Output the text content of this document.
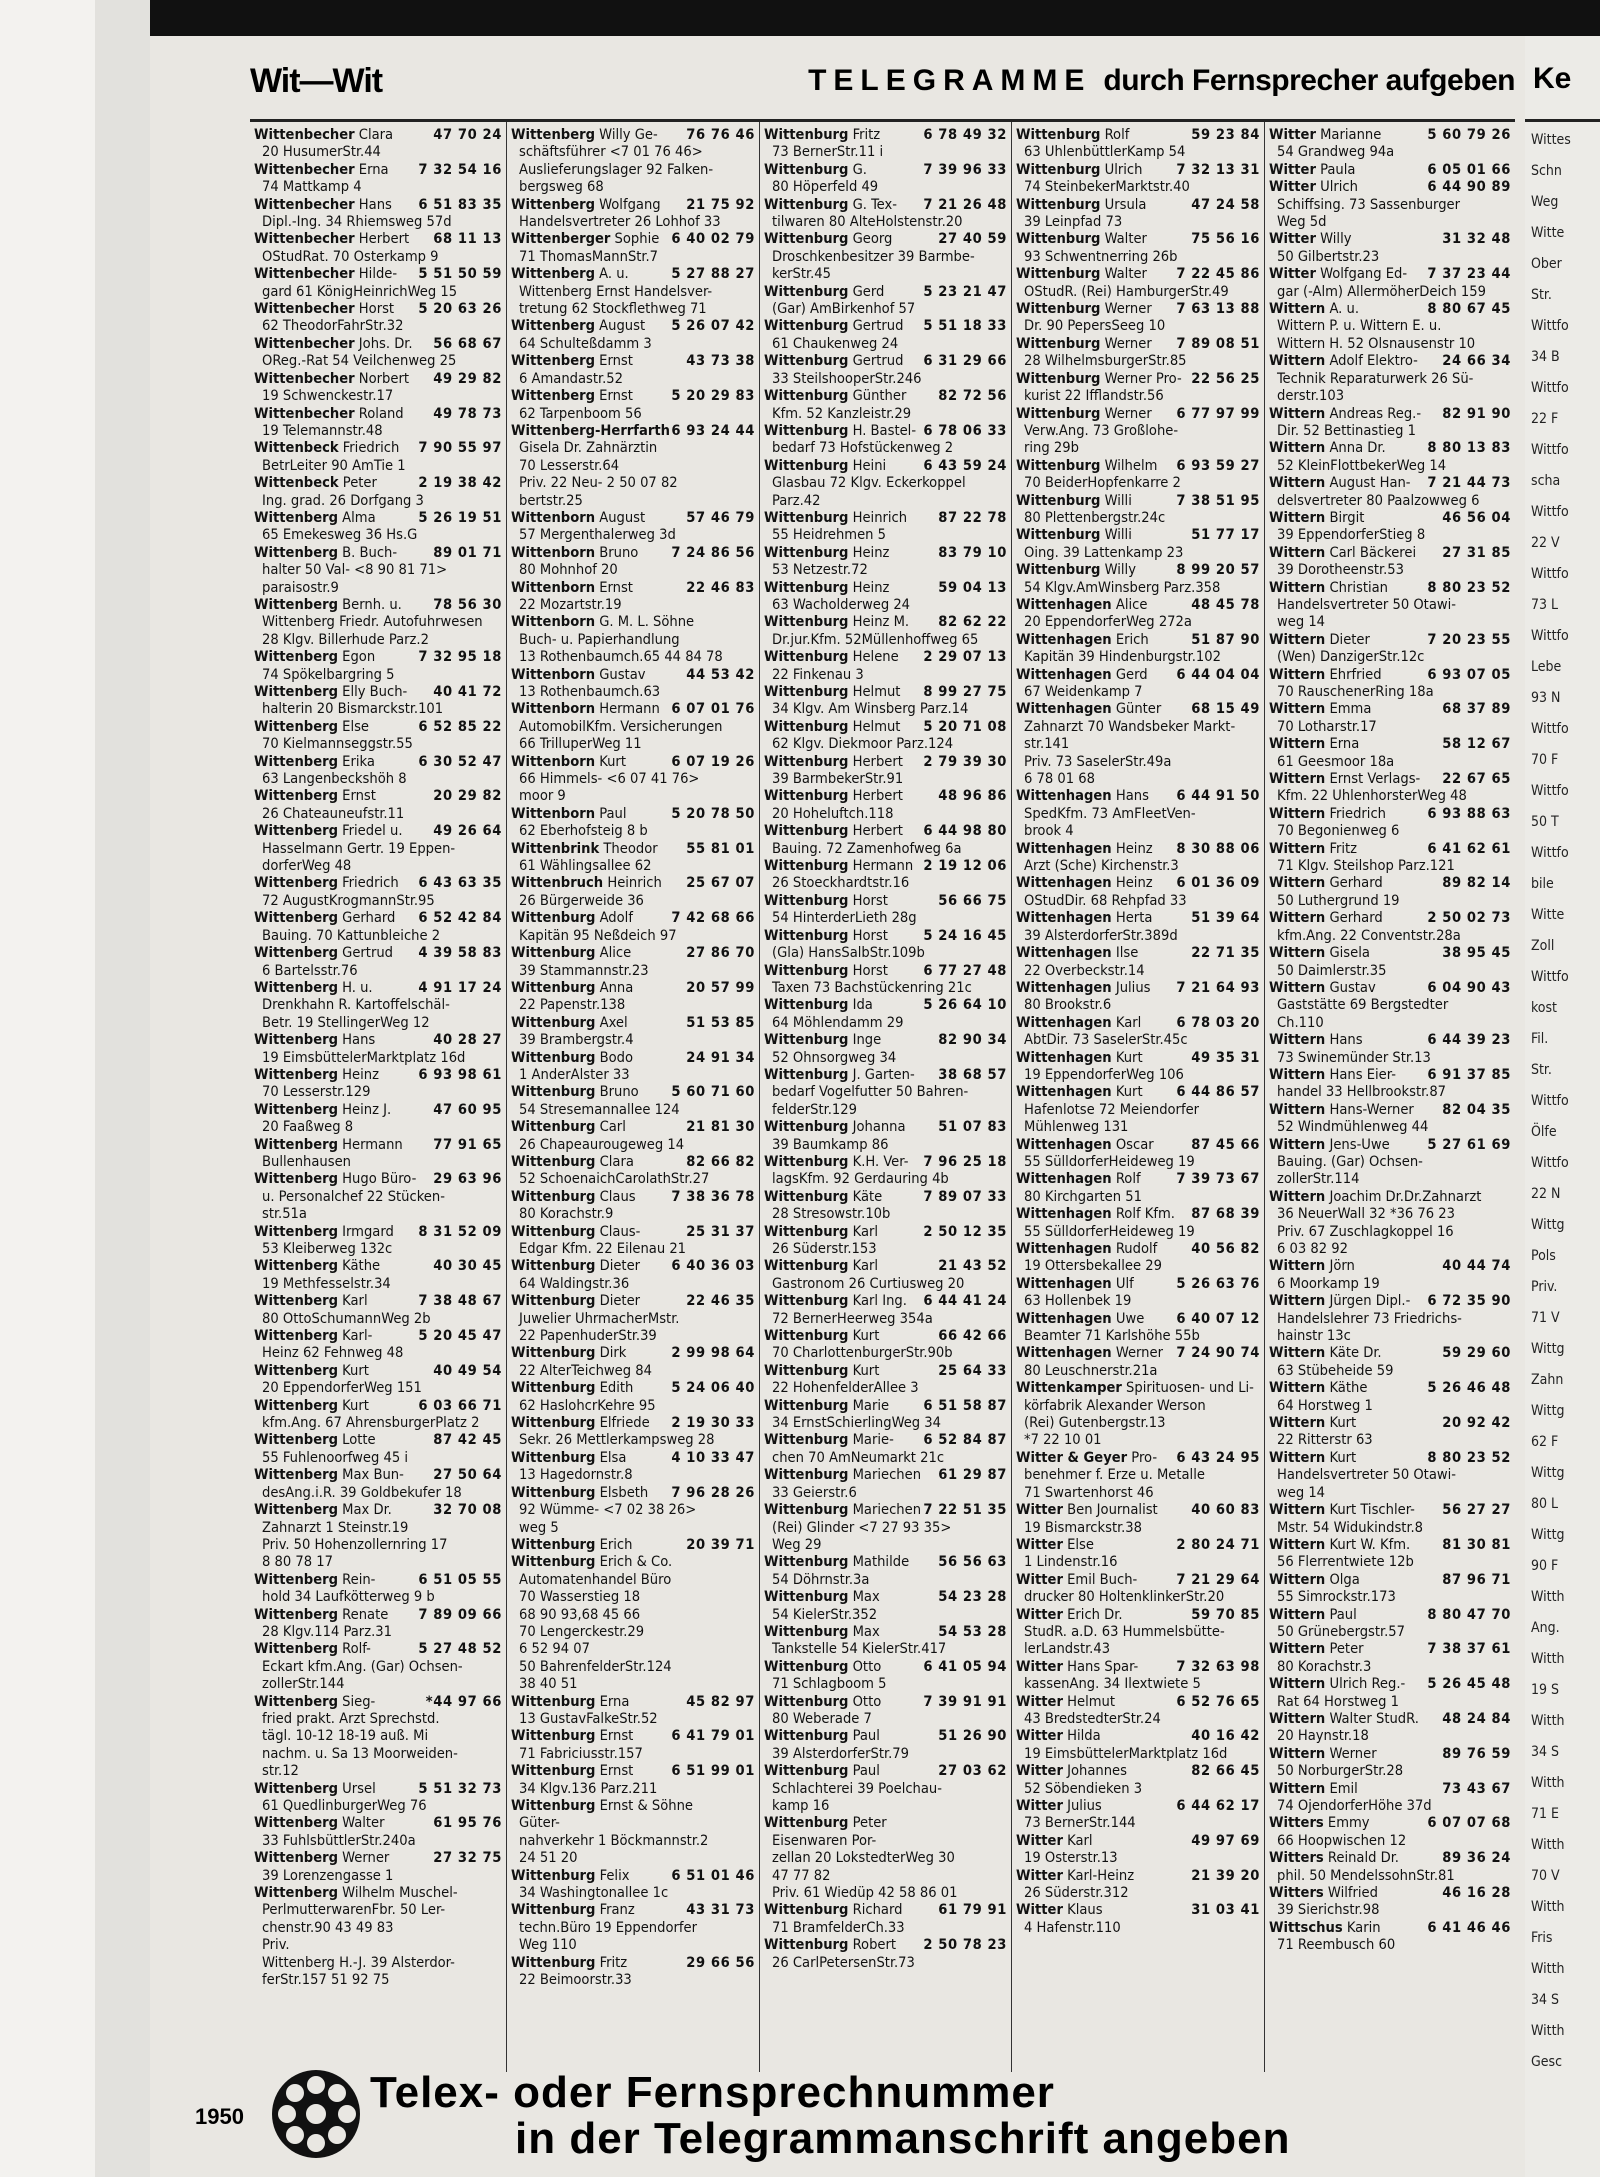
Wit—Wit	TELEGRAMME durch Fernsprecher aufgeben
Wittenbecher Clara	47 70 24
20 HusumerStr.44
Wittenbecher Erna 7 32 54 16
74 Mattkamp 4
Wittenbecher Hans 6 51 83 35
Dipl.-Ing. 34 Rhiemsweg 57d
Wittenbecher Herbert 68 11 13
OStudRat. 70 Osterkamp 9
Wittenbecher Hilde- 5 51 50 59
gard 61 KönigHeinrichWeg 15
Wittenbecher Horst 5 20 63 26
62 TheodorFahrStr.32
Wittenbecher Johs. Dr. 56 68 67
OReg.-Rat 54 Veilchenweg 25
Wittenbecher Norbert 49 29 82
19 Schwenckestr.17
Wittenbecher Roland 49 78 73
19 Telemannstr.48
Wittenbeck Friedrich 7 90 55 97
BetrLeiter 90 AmTie 1
Wittenbeck Peter	2 19 38 42
Ing. grad. 26 Dorfgang 3
Wittenberg Alma	5 26 19 51
65 Emekesweg 36 Hs.G
Wittenberg B. Buch- 89 01 71
halter 50 Val- <8 90 81 71>
paraisostr.9
Wittenberg Bernh. u. 78 56 30
Wittenberg Friedr. Autofuhrwesen
28 Klgv. Billerhude Parz.2
Wittenberg Egon	7 32 95 18
74 Spökelbargring 5
Wittenberg Elly Buch- 40 41 72
halterin 20 Bismarckstr.101
Wittenberg Else	6 52 85 22
70 Kielmannseggstr.55
Wittenberg Erika	6 30 52 47
63 Langenbeckshöh 8
Wittenberg Ernst	20 29 82
26 Chateauneufstr.11
Wittenberg Friedel u. 49 26 64
Hasselmann Gertr. 19 Eppen-
dorferWeg 48
Wittenberg Friedrich 6 43 63 35
72 AugustKrogmannStr.95
Wittenberg Gerhard 6 52 42 84
Bauing. 70 Kattunbleiche 2
Wittenberg Gertrud 4 39 58 83
6 Bartelsstr.76
Wittenberg H. u.	4 91 17 24
Drenkhahn R. Kartoffelschäl-
Betr. 19 StellingerWeg 12
Wittenberg Hans	40 28 27
19 EimsbüttelerMarktplatz 16d
Wittenberg Heinz	6 93 98 61
70 Lesserstr.129
Wittenberg Heinz J.	47 60 95
20 Faaßweg 8
Wittenberg Hermann 77 91 65
Bullenhausen
Wittenberg Hugo Büro- 29 63 96
u. Personalchef 22 Stücken-
str.51a
Wittenberg Irmgard 8 31 52 09
53 Kleiberweg 132c
Wittenberg Käthe	40 30 45
19 Methfesselstr.34
Wittenberg Karl	7 38 48 67
80 OttoSchumannWeg 2b
Wittenberg Karl-	5 20 45 47
Heinz 62 Fehnweg 48
Wittenberg Kurt	40 49 54
20 EppendorferWeg 151
Wittenberg Kurt	6 03 66 71
kfm.Ang. 67 AhrensburgerPlatz 2
Wittenberg Lotte	87 42 45
55 Fuhlenoorfweg 45 i
Wittenberg Max Bun- 27 50 64
desAng.i.R. 39 Goldbekufer 18
Wittenberg Max Dr.	32 70 08
Zahnarzt 1 Steinstr.19
Priv. 50 Hohenzollernring 17
8 80 78 17
Wittenberg Rein-	6 51 05 55
hold 34 Laufkötterweg 9 b
Wittenberg Renate 7 89 09 66
28 Klgv.114 Parz.31
Wittenberg Rolf-	5 27 48 52
Eckart kfm.Ang. (Gar) Ochsen-
zollerStr.144
Wittenberg Sieg-	*44 97 66
fried prakt. Arzt Sprechstd.
tägl. 10-12 18-19 auß. Mi
nachm. u. Sa 13 Moorweiden-
str.12
Wittenberg Ursel	5 51 32 73
61 QuedlinburgerWeg 76
Wittenberg Walter	61 95 76
33 FuhlsbüttlerStr.240a
Wittenberg Werner	27 32 75
39 Lorenzengasse 1
Wittenberg Wilhelm Muschel-
PerlmutterwarenFbr. 50 Ler-
chenstr.90 43 49 83
Priv.
Wittenberg H.-J. 39 Alsterdor-
ferStr.157 51 92 75
Wittenberg Willy Ge- 76 76 46
schäftsführer <7 01 76 46>
Auslieferungslager 92 Falken-
bergsweg 68
Wittenberg Wolfgang 21 75 92
Handelsvertreter 26 Lohhof 33
Wittenberger Sophie 6 40 02 79
71 ThomasMannStr.7
Wittenberg A. u.	5 27 88 27
Wittenberg Ernst Handelsver-
tretung 62 Stockflethweg 71
Wittenberg August 5 26 07 42
64 Schulteßdamm 3
Wittenberg Ernst	43 73 38
6 Amandastr.52
Wittenberg Ernst	5 20 29 83
62 Tarpenboom 56
Wittenberg-Herrfarth 6 93 24 44
Gisela Dr. Zahnärztin
70 Lesserstr.64
Priv. 22 Neu- 2 50 07 82
bertstr.25
Wittenborn August	57 46 79
57 Mergenthalerweg 3d
Wittenborn Bruno 7 24 86 56
80 Mohnhof 20
Wittenborn Ernst	22 46 83
22 Mozartstr.19
Wittenborn G. M. L. Söhne
Buch- u. Papierhandlung
13 Rothenbaumch.65 44 84 78
Wittenborn Gustav	44 53 42
13 Rothenbaumch.63
Wittenborn Hermann 6 07 01 76
AutomobilKfm. Versicherungen
66 TrilluperWeg 11
Wittenborn Kurt	6 07 19 26
66 Himmels- <6 07 41 76>
moor 9
Wittenborn Paul	5 20 78 50
62 Eberhofsteig 8 b
Wittenbrink Theodor 55 81 01
61 Wählingsallee 62
Wittenbruch Heinrich 25 67 07
26 Bürgerweide 36
Wittenburg Adolf	7 42 68 66
Kapitän 95 Neßdeich 97
Wittenburg Alice	27 86 70
39 Stammannstr.23
Wittenburg Anna	20 57 99
22 Papenstr.138
Wittenburg Axel	51 53 85
39 Brambergstr.4
Wittenburg Bodo	24 91 34
1 AnderAlster 33
Wittenburg Bruno 5 60 71 60
54 Stresemannallee 124
Wittenburg Carl	21 81 30
26 Chapeaurougeweg 14
Wittenburg Clara	82 66 82
52 SchoenaichCarolathStr.27
Wittenburg Claus 7 38 36 78
80 Korachstr.9
Wittenburg Claus-	25 31 37
Edgar Kfm. 22 Eilenau 21
Wittenburg Dieter 6 40 36 03
64 Waldingstr.36
Wittenburg Dieter	22 46 35
Juwelier UhrmacherMstr.
22 PapenhuderStr.39
Wittenburg Dirk	2 99 98 64
22 AlterTeichweg 84
Wittenburg Edith	5 24 06 40
62 HaslohcrKehre 95
Wittenburg Elfriede 2 19 30 33
Sekr. 26 Mettlerkampsweg 28
Wittenburg Elsa	4 10 33 47
13 Hagedornstr.8
Wittenburg Elsbeth 7 96 28 26
92 Wümme- <7 02 38 26>
weg 5
Wittenburg Erich	20 39 71
Wittenburg Erich & Co.
Automatenhandel Büro
70 Wasserstieg 18
68 90 93,68 45 66
70 Lengerckestr.29
6 52 94 07
50 BahrenfelderStr.124
38 40 51
Wittenburg Erna	45 82 97
13 GustavFalkeStr.52
Wittenburg Ernst	6 41 79 01
71 Fabriciusstr.157
Wittenburg Ernst	6 51 99 01
34 Klgv.136 Parz.211
Wittenburg Ernst & Söhne
Güter-
nahverkehr 1 Böckmannstr.2
24 51 20
Wittenburg Felix	6 51 01 46
34 Washingtonallee 1c
Wittenburg Franz	43 31 73
techn.Büro 19 Eppendorfer
Weg 110
Wittenburg Fritz	29 66 56
22 Beimoorstr.33
Wittenburg Fritz	6 78 49 32
73 BernerStr.11 i
Wittenburg G.	7 39 96 33
80 Höperfeld 49
Wittenburg G. Tex- 7 21 26 48
tilwaren 80 AlteHolstenstr.20
Wittenburg Georg	27 40 59
Droschkenbesitzer 39 Barmbe-
kerStr.45
Wittenburg Gerd	5 23 21 47
(Gar) AmBirkenhof 57
Wittenburg Gertrud 5 51 18 33
61 Chaukenweg 24
Wittenburg Gertrud 6 31 29 66
33 SteilshooperStr.246
Wittenburg Günther 82 72 56
Kfm. 52 Kanzleistr.29
Wittenburg H. Bastel- 6 78 06 33
bedarf 73 Hofstückenweg 2
Wittenburg Heini	6 43 59 24
Glasbau 72 Klgv. Eckerkoppel
Parz.42
Wittenburg Heinrich 87 22 78
55 Heidrehmen 5
Wittenburg Heinz	83 79 10
53 Netzestr.72
Wittenburg Heinz	59 04 13
63 Wacholderweg 24
Wittenburg Heinz M. 82 62 22
Dr.jur.Kfm. 52Müllenhoffweg 65
Wittenburg Helene 2 29 07 13
22 Finkenau 3
Wittenburg Helmut 8 99 27 75
34 Klgv. Am Winsberg Parz.14
Wittenburg Helmut 5 20 71 08
62 Klgv. Diekmoor Parz.124
Wittenburg Herbert 2 79 39 30
39 BarmbekerStr.91
Wittenburg Herbert 48 96 86
20 Hoheluftch.118
Wittenburg Herbert 6 44 98 80
Bauing. 72 Zamenhofweg 6a
Wittenburg Hermann 2 19 12 06
26 Stoeckhardtstr.16
Wittenburg Horst	56 66 75
54 HinterderLieth 28g
Wittenburg Horst 5 24 16 45
(Gla) HansSalbStr.109b
Wittenburg Horst 6 77 27 48
Taxen 73 Bachstückenring 21c
Wittenburg Ida	5 26 64 10
64 Möhlendamm 29
Wittenburg Inge	82 90 34
52 Ohnsorgweg 34
Wittenburg J. Garten- 38 68 57
bedarf Vogelfutter 50 Bahren-
felderStr.129
Wittenburg Johanna 51 07 83
39 Baumkamp 86
Wittenburg K.H. Ver- 7 96 25 18
lagsKfm. 92 Gerdauring 4b
Wittenburg Käte	7 89 07 33
28 Stresowstr.10b
Wittenburg Karl	2 50 12 35
26 Süderstr.153
Wittenburg Karl	21 43 52
Gastronom 26 Curtiusweg 20
Wittenburg Karl Ing. 6 44 41 24
72 BernerHeerweg 354a
Wittenburg Kurt	66 42 66
70 CharlottenburgerStr.90b
Wittenburg Kurt	25 64 33
22 HohenfelderAllee 3
Wittenburg Marie 6 51 58 87
34 ErnstSchierlingWeg 34
Wittenburg Marie- 6 52 84 87
chen 70 AmNeumarkt 21c
Wittenburg Mariechen 61 29 87
33 Geierstr.6
Wittenburg Mariechen 7 22 51 35
(Rei) Glinder <7 27 93 35>
Weg 29
Wittenburg Mathilde 56 56 63
54 Döhrnstr.3a
Wittenburg Max	54 23 28
54 KielerStr.352
Wittenburg Max	54 53 28
Tankstelle 54 KielerStr.417
Wittenburg Otto	6 41 05 94
71 Schlagboom 5
Wittenburg Otto	7 39 91 91
80 Weberade 7
Wittenburg Paul	51 26 90
39 AlsterdorferStr.79
Wittenburg Paul	27 03 62
Schlachterei 39 Poelchau-
kamp 16
Wittenburg Peter
Eisenwaren Por-
zellan 20 LokstedterWeg 30
47 77 82
Priv. 61 Wiedüp 42 58 86 01
Wittenburg Richard 61 79 91
71 BramfelderCh.33
Wittenburg Robert 2 50 78 23
26 CarlPetersenStr.73
Wittenburg Rolf	59 23 84
63 UhlenbüttlerKamp 54
Wittenburg Ulrich 7 32 13 31
74 SteinbekerMarktstr.40
Wittenburg Ursula	47 24 58
39 Leinpfad 73
Wittenburg Walter	75 56 16
93 Schwentnerring 26b
Wittenburg Walter 7 22 45 86
OStudR. (Rei) HamburgerStr.49
Wittenburg Werner 7 63 13 88
Dr. 90 PepersSeeg 10
Wittenburg Werner 7 89 08 51
28 WilhelmsburgerStr.85
Wittenburg Werner Pro- 22 56 25
kurist 22 Ifflandstr.56
Wittenburg Werner 6 77 97 99
Verw.Ang. 73 Großlohe-
ring 29b
Wittenburg Wilhelm 6 93 59 27
70 BeiderHopfenkarre 2
Wittenburg Willi	7 38 51 95
80 Plettenbergstr.24c
Wittenburg Willi	51 77 17
Oing. 39 Lattenkamp 23
Wittenburg Willy	8 99 20 57
54 Klgv.AmWinsberg Parz.358
Wittenhagen Alice	48 45 78
20 EppendorferWeg 272a
Wittenhagen Erich	51 87 90
Kapitän 39 Hindenburgstr.102
Wittenhagen Gerd 6 44 04 04
67 Weidenkamp 7
Wittenhagen Günter 68 15 49
Zahnarzt 70 Wandsbeker Markt-
str.141
Priv. 73 SaselerStr.49a
6 78 01 68
Wittenhagen Hans 6 44 91 50
SpedKfm. 73 AmFleetVen-
brook 4
Wittenhagen Heinz 8 30 88 06
Arzt (Sche) Kirchenstr.3
Wittenhagen Heinz 6 01 36 09
OStudDir. 68 Rehpfad 33
Wittenhagen Herta	51 39 64
39 AlsterdorferStr.389d
Wittenhagen Ilse	22 71 35
22 Overbeckstr.14
Wittenhagen Julius 7 21 64 93
80 Brookstr.6
Wittenhagen Karl 6 78 03 20
AbtDir. 73 SaselerStr.45c
Wittenhagen Kurt	49 35 31
19 EppendorferWeg 106
Wittenhagen Kurt 6 44 86 57
Hafenlotse 72 Meiendorfer
Mühlenweg 131
Wittenhagen Oscar	87 45 66
55 SülldorferHeideweg 19
Wittenhagen Rolf 7 39 73 67
80 Kirchgarten 51
Wittenhagen Rolf Kfm. 87 68 39
55 SülldorferHeideweg 19
Wittenhagen Rudolf 40 56 82
19 Ottersbekallee 29
Wittenhagen Ulf	5 26 63 76
63 Hollenbek 19
Wittenhagen Uwe 6 40 07 12
Beamter 71 Karlshöhe 55b
Wittenhagen Werner 7 24 90 74
80 Leuschnerstr.21a
Wittenkamper Spirituosen- und Li-
körfabrik Alexander Werson
(Rei) Gutenbergstr.13
*7 22 10 01
Witter & Geyer Pro- 6 43 24 95
benehmer f. Erze u. Metalle
71 Swartenhorst 46
Witter Ben Journalist 40 60 83
19 Bismarckstr.38
Witter Else	2 80 24 71
1 Lindenstr.16
Witter Emil Buch-	7 21 29 64
drucker 80 HoltenklinkerStr.20
Witter Erich Dr.	59 70 85
StudR. a.D. 63 Hummelsbütte-
lerLandstr.43
Witter Hans Spar-	7 32 63 98
kassenAng. 34 Ilextwiete 5
Witter Helmut	6 52 76 65
43 BredstedterStr.24
Witter Hilda	40 16 42
19 EimsbüttelerMarktplatz 16d
Witter Johannes	82 66 45
52 Söbendieken 3
Witter Julius	6 44 62 17
73 BernerStr.144
Witter Karl	49 97 69
19 Osterstr.13
Witter Karl-Heinz	21 39 20
26 Süderstr.312
Witter Klaus	31 03 41
4 Hafenstr.110
Witter Marianne	5 60 79 26
54 Grandweg 94a
Witter Paula	6 05 01 66
Witter Ulrich	6 44 90 89
Schiffsing. 73 Sassenburger
Weg 5d
Witter Willy	31 32 48
50 Gilbertstr.23
Witter Wolfgang Ed- 7 37 23 44
gar (-Alm) AllermöherDeich 159
Wittern A. u.	8 80 67 45
Wittern P. u. Wittern E. u.
Wittern H. 52 Olsnausenstr 10
Wittern Adolf Elektro- 24 66 34
Technik Reparaturwerk 26 Sü-
derstr.103
Wittern Andreas Reg.- 82 91 90
Dir. 52 Bettinastieg 1
Wittern Anna Dr.	8 80 13 83
52 KleinFlottbekerWeg 14
Wittern August Han- 7 21 44 73
delsvertreter 80 Paalzowweg 6
Wittern Birgit	46 56 04
39 EppendorferStieg 8
Wittern Carl Bäckerei 27 31 85
39 Dorotheenstr.53
Wittern Christian	8 80 23 52
Handelsvertreter 50 Otawi-
weg 14
Wittern Dieter	7 20 23 55
(Wen) DanzigerStr.12c
Wittern Ehrfried	6 93 07 05
70 RauschenerRing 18a
Wittern Emma	68 37 89
70 Lotharstr.17
Wittern Erna	58 12 67
61 Geesmoor 18a
Wittern Ernst Verlags- 22 67 65
Kfm. 22 UhlenhorsterWeg 48
Wittern Friedrich	6 93 88 63
70 Begonienweg 6
Wittern Fritz	6 41 62 61
71 Klgv. Steilshop Parz.121
Wittern Gerhard	89 82 14
50 Luthergrund 19
Wittern Gerhard	2 50 02 73
kfm.Ang. 22 Conventstr.28a
Wittern Gisela	38 95 45
50 Daimlerstr.35
Wittern Gustav	6 04 90 43
Gaststätte 69 Bergstedter
Ch.110
Wittern Hans	6 44 39 23
73 Swinemünder Str.13
Wittern Hans Eier- 6 91 37 85
handel 33 Hellbrookstr.87
Wittern Hans-Werner 82 04 35
52 Windmühlenweg 44
Wittern Jens-Uwe	5 27 61 69
Bauing. (Gar) Ochsen-
zollerStr.114
Wittern Joachim Dr.Dr.Zahnarzt
36 NeuerWall 32 *36 76 23
Priv. 67 Zuschlagkoppel 16
6 03 82 92
Wittern Jörn	40 44 74
6 Moorkamp 19
Wittern Jürgen Dipl.- 6 72 35 90
Handelslehrer 73 Friedrichs-
hainstr 13c
Wittern Käte Dr.	59 29 60
63 Stübeheide 59
Wittern Käthe	5 26 46 48
64 Horstweg 1
Wittern Kurt	20 92 42
22 Ritterstr 63
Wittern Kurt	8 80 23 52
Handelsvertreter 50 Otawi-
weg 14
Wittern Kurt Tischler- 56 27 27
Mstr. 54 Widukindstr.8
Wittern Kurt W. Kfm. 81 30 81
56 Flerrentwiete 12b
Wittern Olga	87 96 71
55 Simrockstr.173
Wittern Paul	8 80 47 70
50 Grünebergstr.57
Wittern Peter	7 38 37 61
80 Korachstr.3
Wittern Ulrich Reg.- 5 26 45 48
Rat 64 Horstweg 1
Wittern Walter StudR. 48 24 84
20 Haynstr.18
Wittern Werner	89 76 59
50 NorburgerStr.28
Wittern Emil	73 43 67
74 OjendorferHöhe 37d
Witters Emmy	6 07 07 68
66 Hoopwischen 12
Witters Reinald Dr.	89 36 24
phil. 50 MendelssohnStr.81
Witters Wilfried	46 16 28
39 Sierichstr.98
Wittschus Karin	6 41 46 46
71 Reembusch 60
Telex- oder Fernsprechnummer
in der Telegrammanschrift angeben
1950
Ke
Wittes
Schn
Weg
Witte
Ober
Str.
Wittfo
34 B
Wittfo
22 F
Wittfo
scha
Wittfo
22 V
Wittfo
73 L
Wittfo
Lebe
93 N
Wittfo
70 F
Wittfo
50 T
Wittfo
bile
Witte
Zoll
Wittfo
kost
Fil.
Str.
Wittfo
Ölfe
Wittfo
22 N
Wittg
Pols
Priv.
71 V
Wittg
Zahn
Wittg
62 F
Wittg
80 L
Wittg
90 F
Witth
Ang.
Witth
19 S
Witth
34 S
Witth
71 E
Witth
70 V
Witth
Fris
Witth
34 S
Witth
Gesc
